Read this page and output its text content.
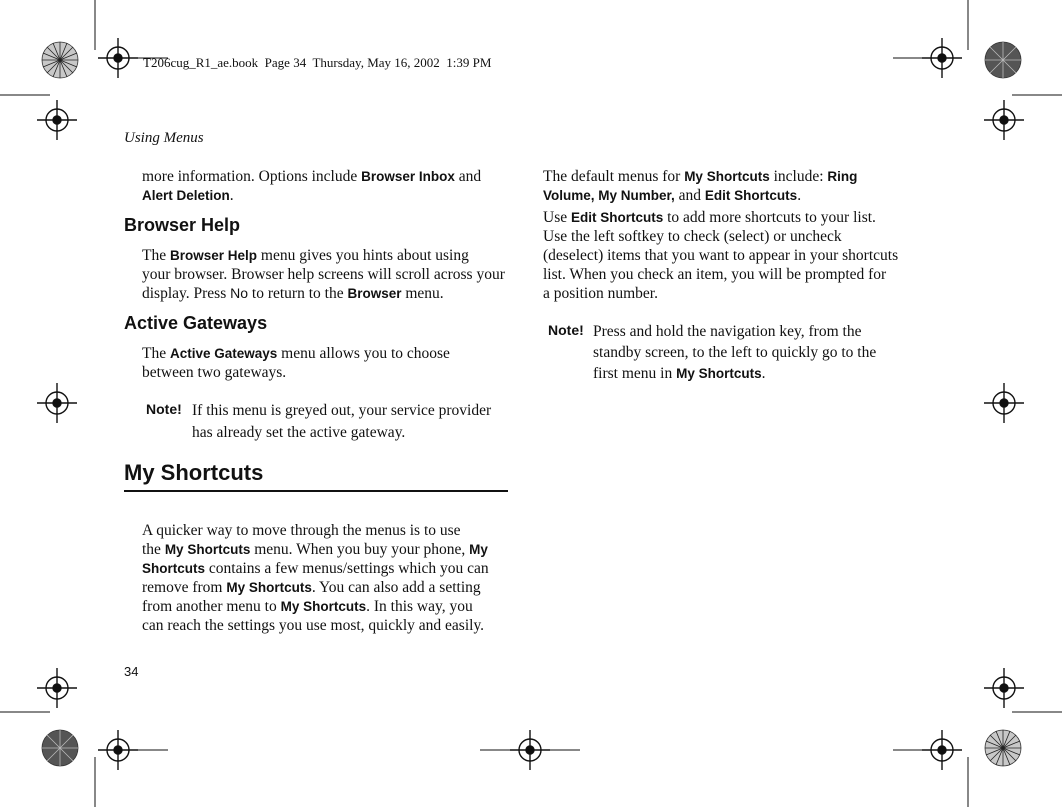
T206cug_R1_ae.book  Page 34  Thursday, May 16, 2002  1:39 PM
Using Menus
more information. Options include Browser Inbox and
Alert Deletion.
Browser Help
The Browser Help menu gives you hints about using
your browser. Browser help screens will scroll across your
display. Press No to return to the Browser menu.
Active Gateways
The Active Gateways menu allows you to choose
between two gateways.
Note! If this menu is greyed out, your service provider
has already set the active gateway.
My Shortcuts
A quicker way to move through the menus is to use
the My Shortcuts menu. When you buy your phone, My
Shortcuts contains a few menus/settings which you can
remove from My Shortcuts. You can also add a setting
from another menu to My Shortcuts. In this way, you
can reach the settings you use most, quickly and easily.
34
The default menus for My Shortcuts include: Ring
Volume, My Number, and Edit Shortcuts.
Use Edit Shortcuts to add more shortcuts to your list.
Use the left softkey to check (select) or uncheck
(deselect) items that you want to appear in your shortcuts
list. When you check an item, you will be prompted for
a position number.
Note! Press and hold the navigation key, from the
standby screen, to the left to quickly go to the
first menu in My Shortcuts.
